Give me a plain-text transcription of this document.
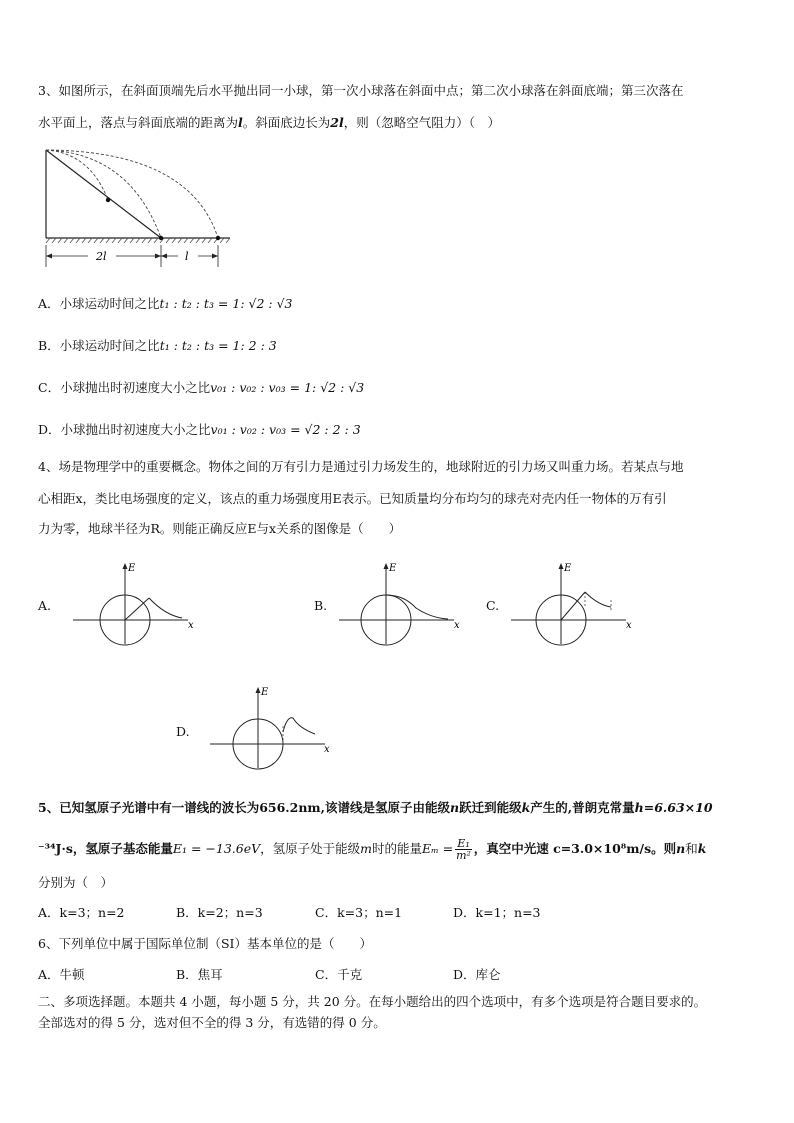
3、如图所示，在斜面顶端先后水平抛出同一小球，第一次小球落在斜面中点；第二次小球落在斜面底端；第三次落在
水平面上，落点与斜面底端的距离为l。斜面底边长为2l，则（忽略空气阻力）（　）
2l	l
A．小球运动时间之比t₁ : t₂ : t₃ = 1: √2 : √3
B．小球运动时间之比t₁ : t₂ : t₃ = 1: 2 : 3
C．小球抛出时初速度大小之比v₀₁ : v₀₂ : v₀₃ = 1: √2 : √3
D．小球抛出时初速度大小之比v₀₁ : v₀₂ : v₀₃ = √2 : 2 : 3
4、场是物理学中的重要概念。物体之间的万有引力是通过引力场发生的，地球附近的引力场又叫重力场。若某点与地
心相距x，类比电场强度的定义，该点的重力场强度用E表示。已知质量均分布均匀的球壳对壳内任一物体的万有引
力为零，地球半径为R。则能正确反应E与x关系的图像是（　　）
A.
E
x
B.
E
x
C.
E
x
D.
E
x
5、已知氢原子光谱中有一谱线的波长为656.2nm,该谱线是氢原子由能级n跃迁到能级k产生的,普朗克常量h=6.63×10
⁻³⁴J·s，氢原子基态能量E₁ = −13.6eV，氢原子处于能级m时的能量$E_m = \frac{\text{E₁}}{\text{m²}}$ ，真空中光速 c=3.0×10⁸m/s。则n和k
分别为（　）
A．k=3；n=2	B．k=2；n=3	C．k=3；n=1	D．k=1；n=3
6、下列单位中属于国际单位制（SI）基本单位的是（　　）
A．牛顿	B．焦耳	C．千克	D．库仑
二、多项选择题。本题共 4 小题，每小题 5 分，共 20 分。在每小题给出的四个选项中，有多个选项是符合题目要求的。
全部选对的得 5 分，选对但不全的得 3 分，有选错的得 0 分。
